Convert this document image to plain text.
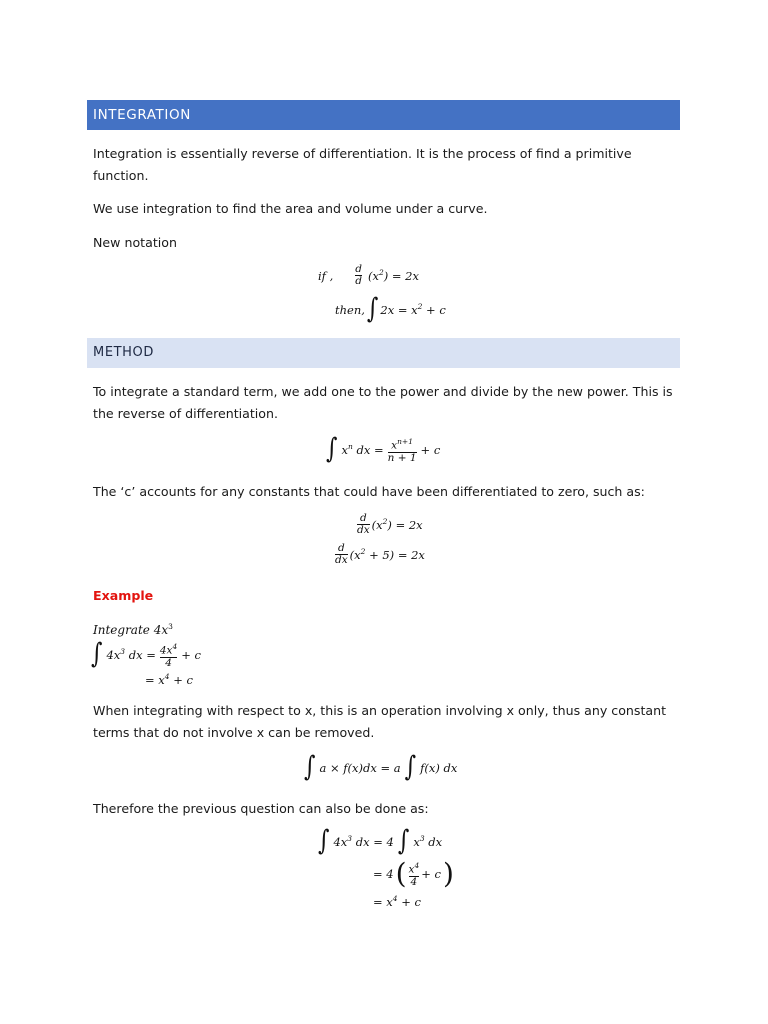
INTEGRATION
Integration is essentially reverse of differentiation. It is the process of find a primitive
function.
We use integration to find the area and volume under a curve.
New notation
if , $\frac{d}{d} (x^2) = 2x$
then, ∫ $2x = x^2 + c$
METHOD
To integrate a standard term, we add one to the power and divide by the new power. This is
the reverse of differentiation.
∫ $x^n$ dx = $\frac{x^{n+1}}{n + 1} + c$
The ‘c’ accounts for any constants that could have been differentiated to zero, such as:
$\frac{d}{dx} (x^2) = 2x$
$\frac{d}{dx} (x^2 + 5) = 2x$
Example
Integrate $4x^3$
∫ $4x^3$ dx = $\frac{4x^4}{4} + c$
= $x^4 + c$
When integrating with respect to x, this is an operation involving x only, thus any constant
terms that do not involve x can be removed.
∫ a × f(x)dx = a ∫ f(x) dx
Therefore the previous question can also be done as:
∫ $4x^3$ dx = 4 ∫ $x^3$ dx
= 4 ( $\frac{x^4}{4} + c$ )
= $x^4 + c$
